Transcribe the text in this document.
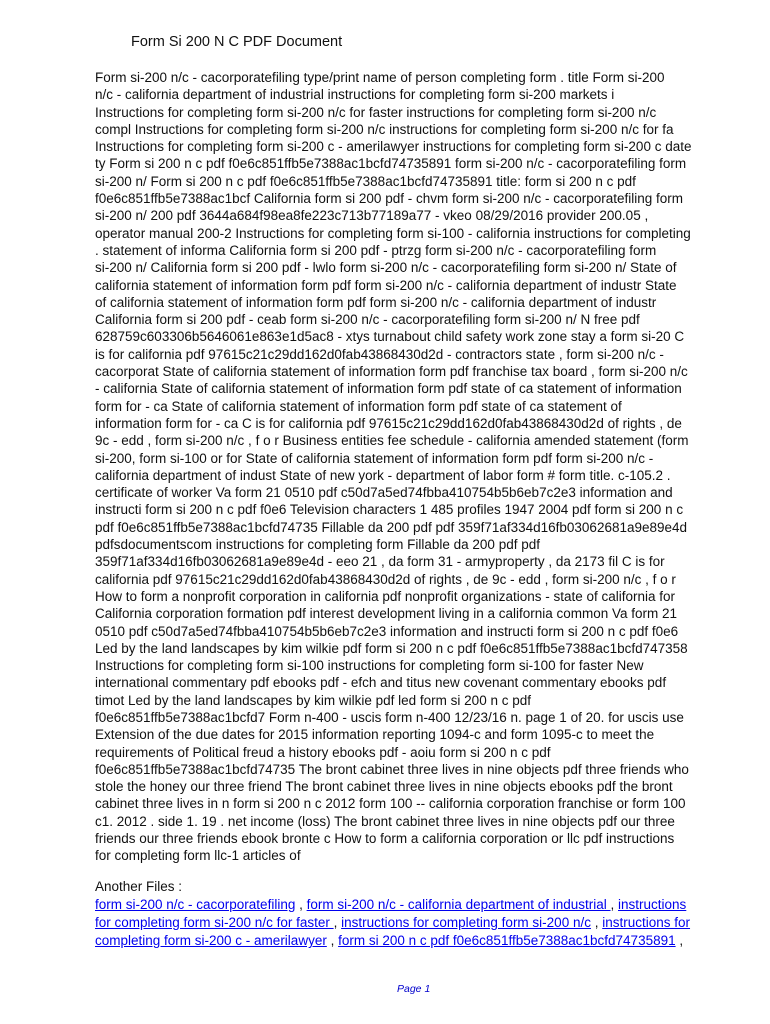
Form Si 200 N C PDF Document
Form si-200 n/c - cacorporatefiling type/print name of person completing form . title Form si-200
n/c - california department of industrial instructions for completing form si-200 markets i
Instructions for completing form si-200 n/c for faster instructions for completing form si-200 n/c
compl Instructions for completing form si-200 n/c instructions for completing form si-200 n/c for fa
Instructions for completing form si-200 c - amerilawyer instructions for completing form si-200 c date
ty Form si 200 n c pdf f0e6c851ffb5e7388ac1bcfd74735891 form si-200 n/c - cacorporatefiling form
si-200 n/ Form si 200 n c pdf f0e6c851ffb5e7388ac1bcfd74735891 title: form si 200 n c pdf
f0e6c851ffb5e7388ac1bcf California form si 200 pdf - chvm form si-200 n/c - cacorporatefiling form
si-200 n/ 200 pdf 3644a684f98ea8fe223c713b77189a77 - vkeo 08/29/2016 provider 200.05 ,
operator manual 200-2 Instructions for completing form si-100 - california instructions for completing
. statement of informa California form si 200 pdf - ptrzg form si-200 n/c - cacorporatefiling form
si-200 n/ California form si 200 pdf - lwlo form si-200 n/c - cacorporatefiling form si-200 n/ State of
california statement of information form pdf form si-200 n/c - california department of industr State
of california statement of information form pdf form si-200 n/c - california department of industr
California form si 200 pdf - ceab form si-200 n/c - cacorporatefiling form si-200 n/ N free pdf
628759c603306b5646061e863e1d5ac8 - xtys turnabout child safety work zone stay a form si-20 C
is for california pdf 97615c21c29dd162d0fab43868430d2d - contractors state , form si-200 n/c -
cacorporat State of california statement of information form pdf franchise tax board , form si-200 n/c
- california State of california statement of information form pdf state of ca statement of information
form for - ca State of california statement of information form pdf state of ca statement of
information form for - ca C is for california pdf 97615c21c29dd162d0fab43868430d2d of rights , de
9c - edd , form si-200 n/c , f o r Business entities fee schedule - california amended statement (form
si-200, form si-100 or for State of california statement of information form pdf form si-200 n/c -
california department of indust State of new york - department of labor form # form title. c-105.2 .
certificate of worker Va form 21 0510 pdf c50d7a5ed74fbba410754b5b6eb7c2e3 information and
instructi form si 200 n c pdf f0e6 Television characters 1 485 profiles 1947 2004 pdf form si 200 n c
pdf f0e6c851ffb5e7388ac1bcfd74735 Fillable da 200 pdf pdf 359f71af334d16fb03062681a9e89e4d
pdfsdocumentscom instructions for completing form Fillable da 200 pdf pdf
359f71af334d16fb03062681a9e89e4d - eeo 21 , da form 31 - armyproperty , da 2173 fil C is for
california pdf 97615c21c29dd162d0fab43868430d2d of rights , de 9c - edd , form si-200 n/c , f o r
How to form a nonprofit corporation in california pdf nonprofit organizations - state of california for
California corporation formation pdf interest development living in a california common Va form 21
0510 pdf c50d7a5ed74fbba410754b5b6eb7c2e3 information and instructi form si 200 n c pdf f0e6
Led by the land landscapes by kim wilkie pdf form si 200 n c pdf f0e6c851ffb5e7388ac1bcfd747358
Instructions for completing form si-100 instructions for completing form si-100 for faster New
international commentary pdf ebooks pdf - efch and titus new covenant commentary ebooks pdf
timot Led by the land landscapes by kim wilkie pdf led form si 200 n c pdf
f0e6c851ffb5e7388ac1bcfd7 Form n-400 - uscis form n-400 12/23/16 n. page 1 of 20. for uscis use
Extension of the due dates for 2015 information reporting 1094-c and form 1095-c to meet the
requirements of Political freud a history ebooks pdf - aoiu form si 200 n c pdf
f0e6c851ffb5e7388ac1bcfd74735 The bront cabinet three lives in nine objects pdf three friends who
stole the honey our three friend The bront cabinet three lives in nine objects ebooks pdf the bront
cabinet three lives in n form si 200 n c 2012 form 100 -- california corporation franchise or form 100
c1. 2012 . side 1. 19 . net income (loss) The bront cabinet three lives in nine objects pdf our three
friends our three friends ebook bronte c How to form a california corporation or llc pdf instructions
for completing form llc-1 articles of
Another Files :
form si-200 n/c - cacorporatefiling , form si-200 n/c - california department of industrial , instructions
for completing form si-200 n/c for faster , instructions for completing form si-200 n/c , instructions for
completing form si-200 c - amerilawyer , form si 200 n c pdf f0e6c851ffb5e7388ac1bcfd74735891 ,
Page 1
